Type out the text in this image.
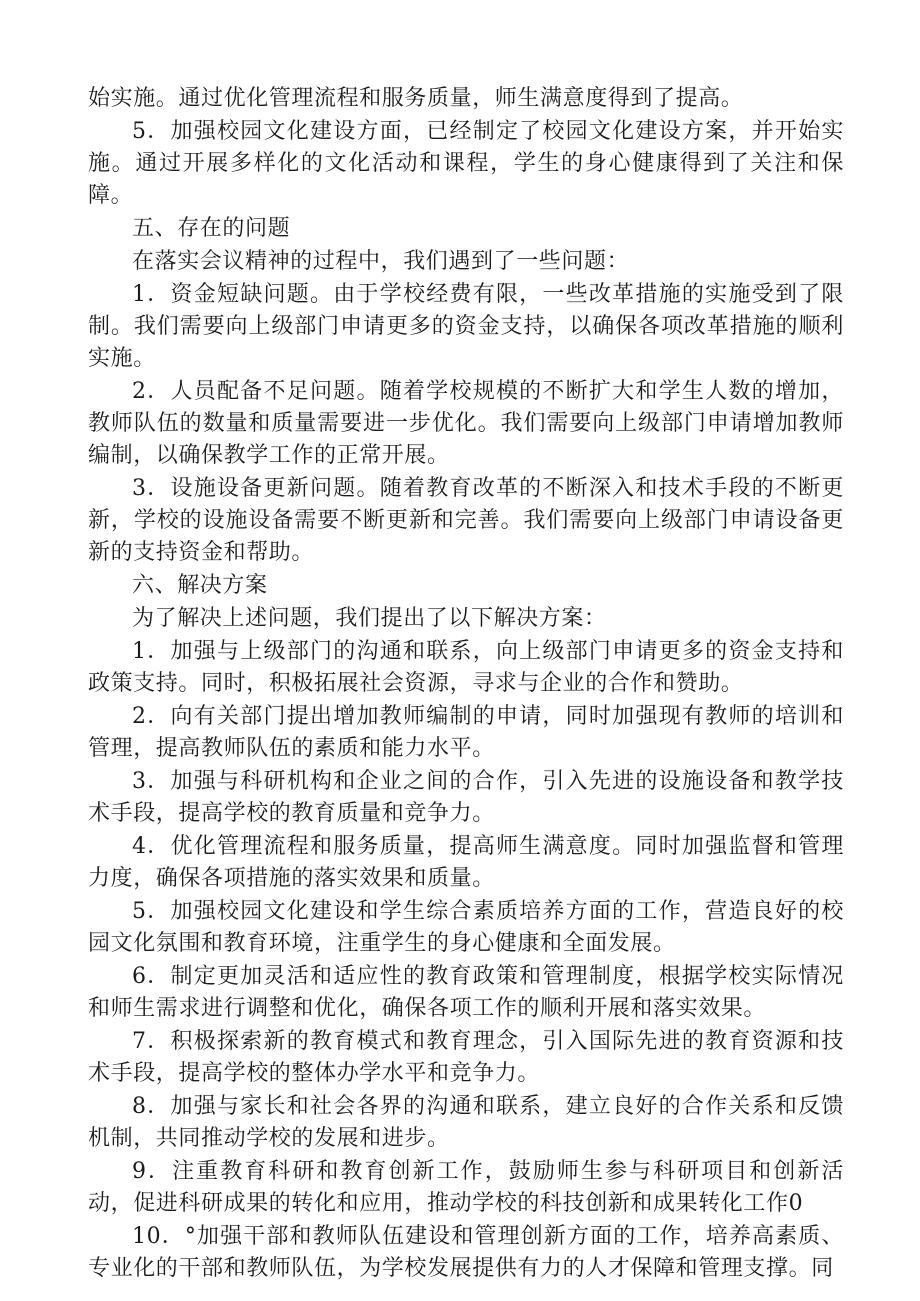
始实施。通过优化管理流程和服务质量，师生满意度得到了提高。

5．加强校园文化建设方面，已经制定了校园文化建设方案，并开始实施。通过开展多样化的文化活动和课程，学生的身心健康得到了关注和保障。

五、存在的问题

在落实会议精神的过程中，我们遇到了一些问题：

1．资金短缺问题。由于学校经费有限，一些改革措施的实施受到了限制。我们需要向上级部门申请更多的资金支持，以确保各项改革措施的顺利实施。

2．人员配备不足问题。随着学校规模的不断扩大和学生人数的增加，教师队伍的数量和质量需要进一步优化。我们需要向上级部门申请增加教师编制，以确保教学工作的正常开展。

3．设施设备更新问题。随着教育改革的不断深入和技术手段的不断更新，学校的设施设备需要不断更新和完善。我们需要向上级部门申请设备更新的支持资金和帮助。

六、解决方案

为了解决上述问题，我们提出了以下解决方案：

1．加强与上级部门的沟通和联系，向上级部门申请更多的资金支持和政策支持。同时，积极拓展社会资源，寻求与企业的合作和赞助。

2．向有关部门提出增加教师编制的申请，同时加强现有教师的培训和管理，提高教师队伍的素质和能力水平。

3．加强与科研机构和企业之间的合作，引入先进的设施设备和教学技术手段，提高学校的教育质量和竞争力。

4．优化管理流程和服务质量，提高师生满意度。同时加强监督和管理力度，确保各项措施的落实效果和质量。

5．加强校园文化建设和学生综合素质培养方面的工作，营造良好的校园文化氛围和教育环境，注重学生的身心健康和全面发展。

6．制定更加灵活和适应性的教育政策和管理制度，根据学校实际情况和师生需求进行调整和优化，确保各项工作的顺利开展和落实效果。

7．积极探索新的教育模式和教育理念，引入国际先进的教育资源和技术手段，提高学校的整体办学水平和竞争力。

8．加强与家长和社会各界的沟通和联系，建立良好的合作关系和反馈机制，共同推动学校的发展和进步。

9．注重教育科研和教育创新工作，鼓励师生参与科研项目和创新活动，促进科研成果的转化和应用，推动学校的科技创新和成果转化工作0

10．°加强干部和教师队伍建设和管理创新方面的工作，培养高素质、专业化的干部和教师队伍，为学校发展提供有力的人才保障和管理支撑。同
